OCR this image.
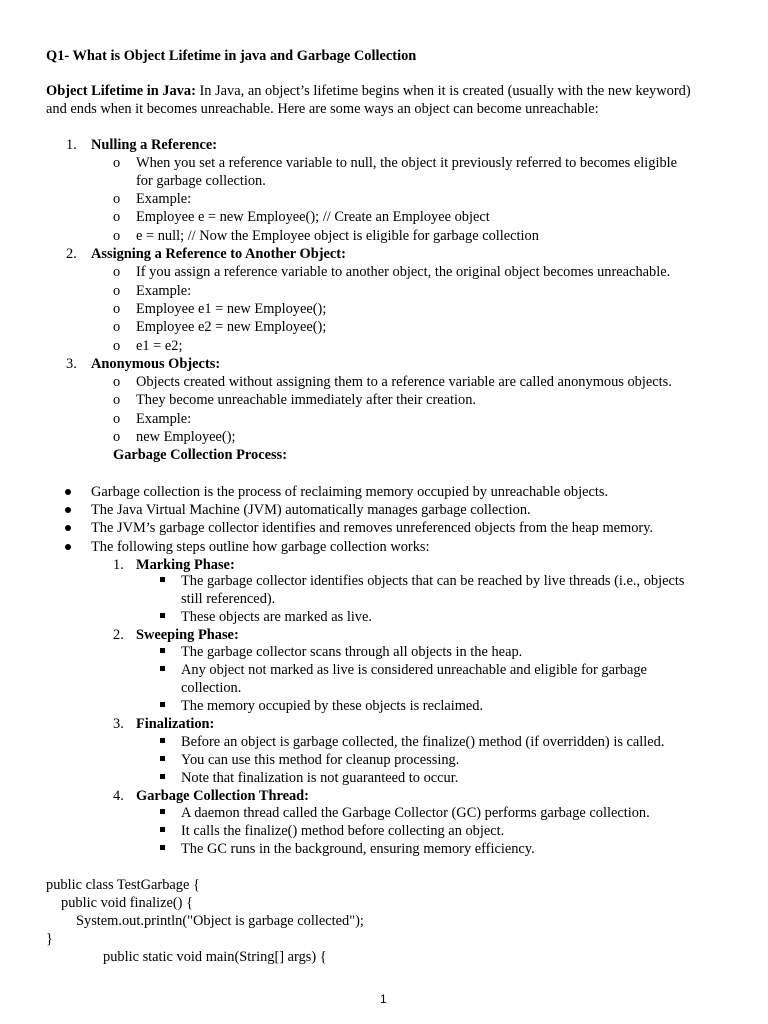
Q1- What is Object Lifetime in java and Garbage Collection
Object Lifetime in Java: In Java, an object’s lifetime begins when it is created (usually with the new keyword)
and ends when it becomes unreachable. Here are some ways an object can become unreachable:
1. Nulling a Reference:
o When you set a reference variable to null, the object it previously referred to becomes eligible
for garbage collection.
o Example:
o Employee e = new Employee(); // Create an Employee object
o e = null; // Now the Employee object is eligible for garbage collection
2. Assigning a Reference to Another Object:
o If you assign a reference variable to another object, the original object becomes unreachable.
o Example:
o Employee e1 = new Employee();
o Employee e2 = new Employee();
o e1 = e2;
3. Anonymous Objects:
o Objects created without assigning them to a reference variable are called anonymous objects.
o They become unreachable immediately after their creation.
o Example:
o new Employee();
Garbage Collection Process:
Garbage collection is the process of reclaiming memory occupied by unreachable objects.
The Java Virtual Machine (JVM) automatically manages garbage collection.
The JVM’s garbage collector identifies and removes unreferenced objects from the heap memory.
The following steps outline how garbage collection works:
1. Marking Phase:
The garbage collector identifies objects that can be reached by live threads (i.e., objects
still referenced).
These objects are marked as live.
2. Sweeping Phase:
The garbage collector scans through all objects in the heap.
Any object not marked as live is considered unreachable and eligible for garbage
collection.
The memory occupied by these objects is reclaimed.
3. Finalization:
Before an object is garbage collected, the finalize() method (if overridden) is called.
You can use this method for cleanup processing.
Note that finalization is not guaranteed to occur.
4. Garbage Collection Thread:
A daemon thread called the Garbage Collector (GC) performs garbage collection.
It calls the finalize() method before collecting an object.
The GC runs in the background, ensuring memory efficiency.
public class TestGarbage {
public void finalize() {
System.out.println("Object is garbage collected");
}
public static void main(String[] args) {
1
